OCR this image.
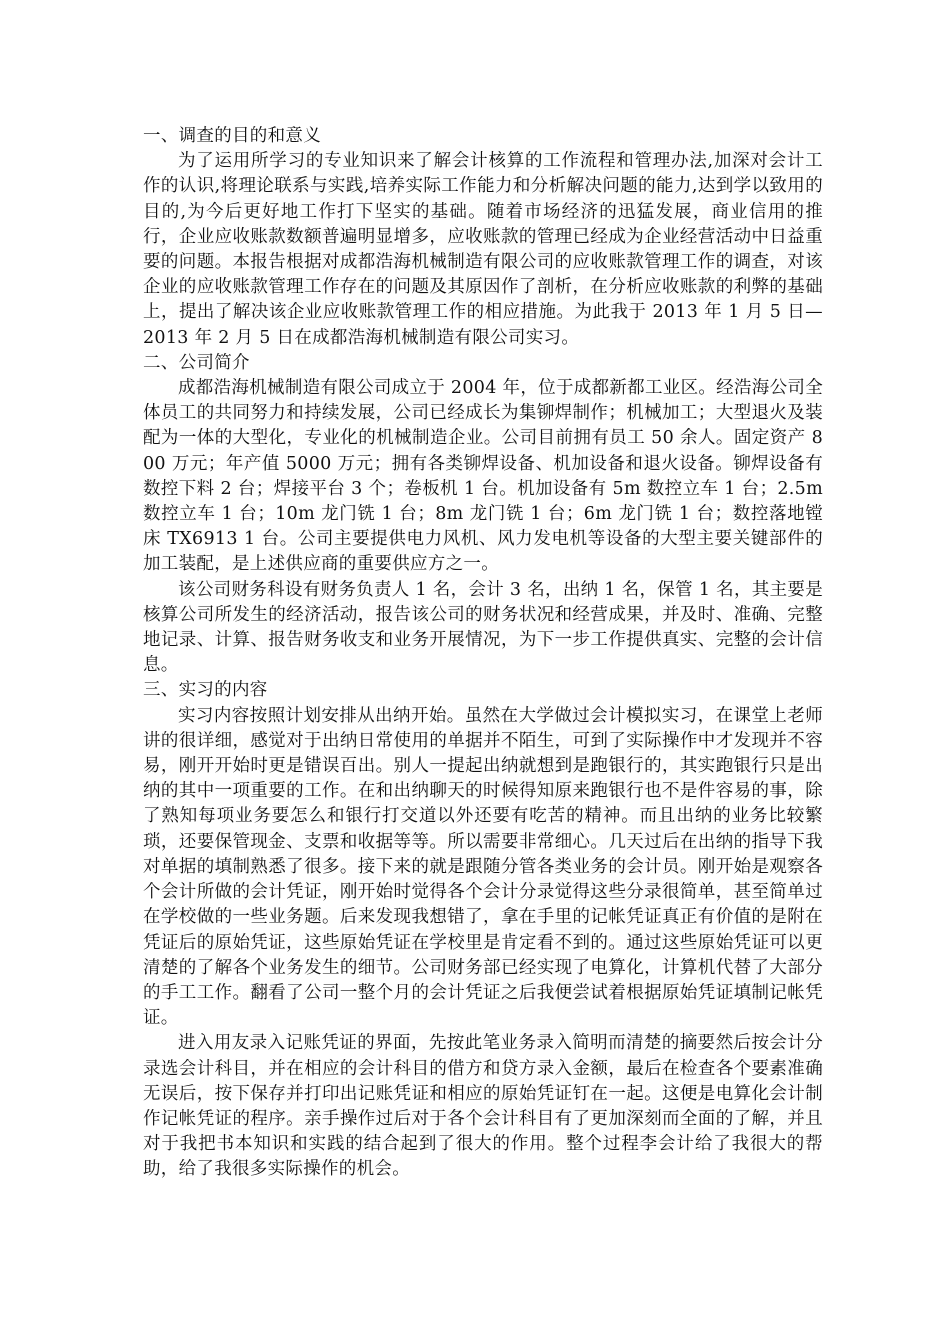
一、调查的目的和意义

为了运用所学习的专业知识来了解会计核算的工作流程和管理办法,加深对会计工作的认识,将理论联系与实践,培养实际工作能力和分析解决问题的能力,达到学以致用的目的,为今后更好地工作打下坚实的基础。随着市场经济的迅猛发展，商业信用的推行，企业应收账款数额普遍明显增多，应收账款的管理已经成为企业经营活动中日益重要的问题。本报告根据对成都浩海机械制造有限公司的应收账款管理工作的调查，对该企业的应收账款管理工作存在的问题及其原因作了剖析，在分析应收账款的利弊的基础上，提出了解决该企业应收账款管理工作的相应措施。为此我于 2013 年 1 月 5 日—2013 年 2 月 5 日在成都浩海机械制造有限公司实习。

二、公司简介

成都浩海机械制造有限公司成立于 2004 年，位于成都新都工业区。经浩海公司全体员工的共同努力和持续发展，公司已经成长为集铆焊制作；机械加工；大型退火及装配为一体的大型化，专业化的机械制造企业。公司目前拥有员工 50 余人。固定资产 800 万元；年产值 5000 万元；拥有各类铆焊设备、机加设备和退火设备。铆焊设备有数控下料 2 台；焊接平台 3 个；卷板机 1 台。机加设备有 5m 数控立车 1 台；2.5m 数控立车 1 台；10m 龙门铣 1 台；8m 龙门铣 1 台；6m 龙门铣 1 台；数控落地镗床 TX6913 1 台。公司主要提供电力风机、风力发电机等设备的大型主要关键部件的加工装配，是上述供应商的重要供应方之一。

该公司财务科设有财务负责人 1 名，会计 3 名，出纳 1 名，保管 1 名，其主要是核算公司所发生的经济活动，报告该公司的财务状况和经营成果，并及时、准确、完整地记录、计算、报告财务收支和业务开展情况，为下一步工作提供真实、完整的会计信息。

三、实习的内容

实习内容按照计划安排从出纳开始。虽然在大学做过会计模拟实习，在课堂上老师讲的很详细，感觉对于出纳日常使用的单据并不陌生，可到了实际操作中才发现并不容易，刚开开始时更是错误百出。别人一提起出纳就想到是跑银行的，其实跑银行只是出纳的其中一项重要的工作。在和出纳聊天的时候得知原来跑银行也不是件容易的事，除了熟知每项业务要怎么和银行打交道以外还要有吃苦的精神。而且出纳的业务比较繁琐，还要保管现金、支票和收据等等。所以需要非常细心。几天过后在出纳的指导下我对单据的填制熟悉了很多。接下来的就是跟随分管各类业务的会计员。刚开始是观察各个会计所做的会计凭证，刚开始时觉得各个会计分录觉得这些分录很简单，甚至简单过在学校做的一些业务题。后来发现我想错了，拿在手里的记帐凭证真正有价值的是附在凭证后的原始凭证，这些原始凭证在学校里是肯定看不到的。通过这些原始凭证可以更清楚的了解各个业务发生的细节。公司财务部已经实现了电算化，计算机代替了大部分的手工工作。翻看了公司一整个月的会计凭证之后我便尝试着根据原始凭证填制记帐凭证。

进入用友录入记账凭证的界面，先按此笔业务录入简明而清楚的摘要然后按会计分录选会计科目，并在相应的会计科目的借方和贷方录入金额，最后在检查各个要素准确无误后，按下保存并打印出记账凭证和相应的原始凭证钉在一起。这便是电算化会计制作记帐凭证的程序。亲手操作过后对于各个会计科目有了更加深刻而全面的了解，并且对于我把书本知识和实践的结合起到了很大的作用。整个过程李会计给了我很大的帮助，给了我很多实际操作的机会。
